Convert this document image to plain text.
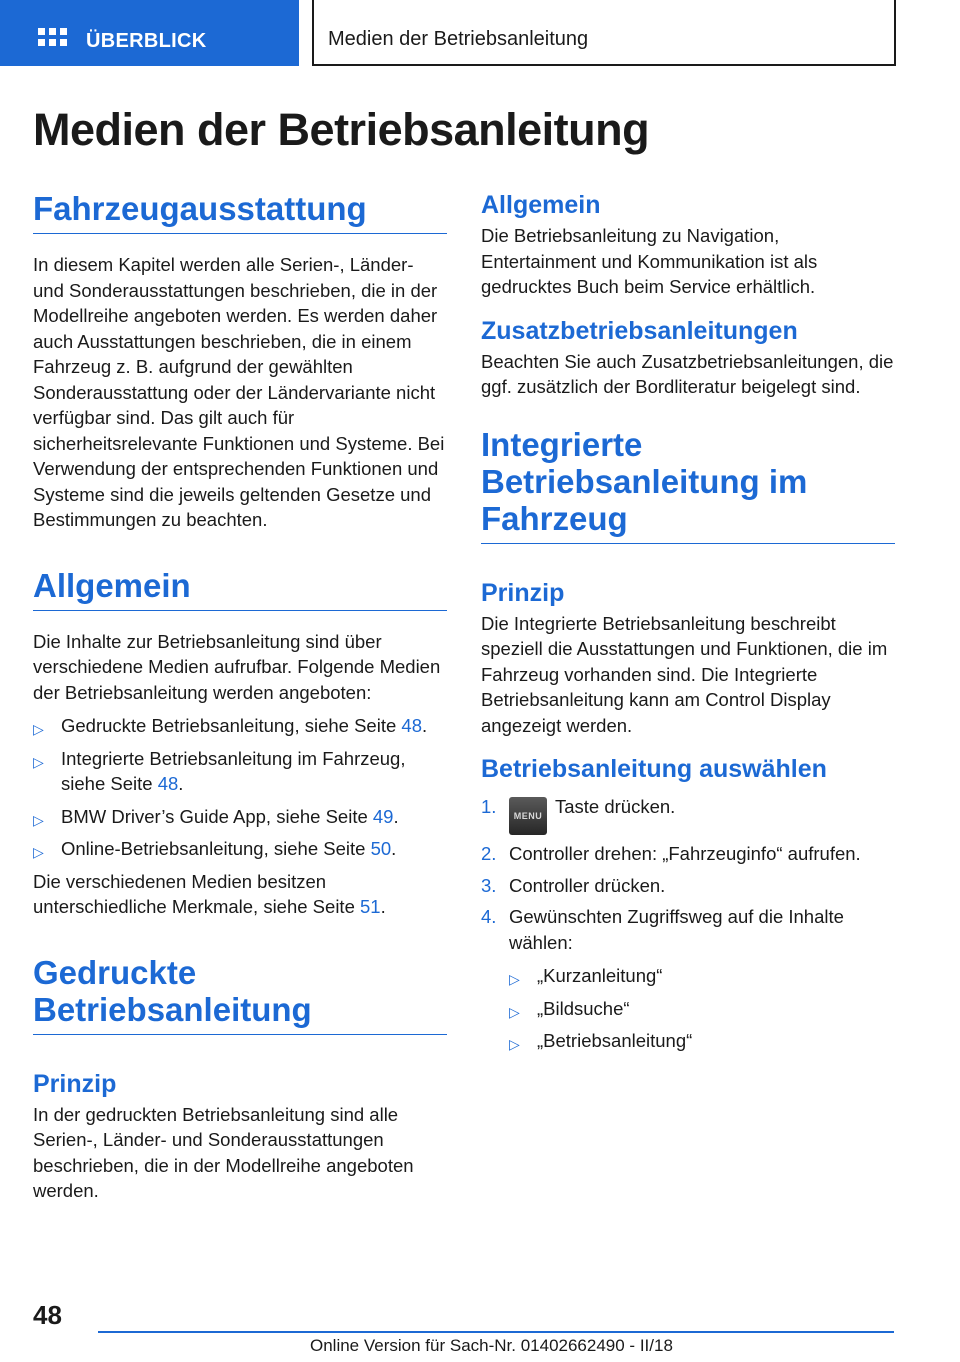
ÜBERBLICK	Medien der Betriebsanleitung
Medien der Betriebsanleitung
Fahrzeugausstattung

In diesem Kapitel werden alle Serien-, Länder- und Sonderausstattungen beschrieben, die in der Modellreihe angeboten werden. Es werden daher auch Ausstattungen beschrieben, die in einem Fahrzeug z. B. aufgrund der gewählten Sonderausstattung oder der Ländervariante nicht verfügbar sind. Das gilt auch für sicherheitsrelevante Funktionen und Systeme. Bei Verwendung der entsprechenden Funktionen und Systeme sind die jeweils geltenden Gesetze und Bestimmungen zu beachten.

Allgemein

Die Inhalte zur Betriebsanleitung sind über verschiedene Medien aufrufbar. Folgende Medien der Betriebsanleitung werden angeboten:

▷ Gedruckte Betriebsanleitung, siehe Seite 48.
▷ Integrierte Betriebsanleitung im Fahrzeug, siehe Seite 48.
▷ BMW Driver’s Guide App, siehe Seite 49.
▷ Online-Betriebsanleitung, siehe Seite 50.

Die verschiedenen Medien besitzen unterschiedliche Merkmale, siehe Seite 51.

Gedruckte
Betriebsanleitung
Prinzip

In der gedruckten Betriebsanleitung sind alle Serien-, Länder- und Sonderausstattungen beschrieben, die in der Modellreihe angeboten werden.

Allgemein

Die Betriebsanleitung zu Navigation, Entertainment und Kommunikation ist als gedrucktes Buch beim Service erhältlich.

Zusatzbetriebsanleitungen

Beachten Sie auch Zusatzbetriebsanleitungen, die ggf. zusätzlich der Bordliteratur beigelegt sind.

Integrierte
Betriebsanleitung im
Fahrzeug
Prinzip

Die Integrierte Betriebsanleitung beschreibt speziell die Ausstattungen und Funktionen, die im Fahrzeug vorhanden sind. Die Integrierte Betriebsanleitung kann am Control Display angezeigt werden.

Betriebsanleitung auswählen
1. MENU Taste drücken.
2. Controller drehen: „Fahrzeuginfo“ aufrufen.
3. Controller drücken.
4. Gewünschten Zugriffsweg auf die Inhalte wählen:
▷ „Kurzanleitung“
▷ „Bildsuche“
▷ „Betriebsanleitung“
48
Online Version für Sach-Nr. 01402662490 - II/18
